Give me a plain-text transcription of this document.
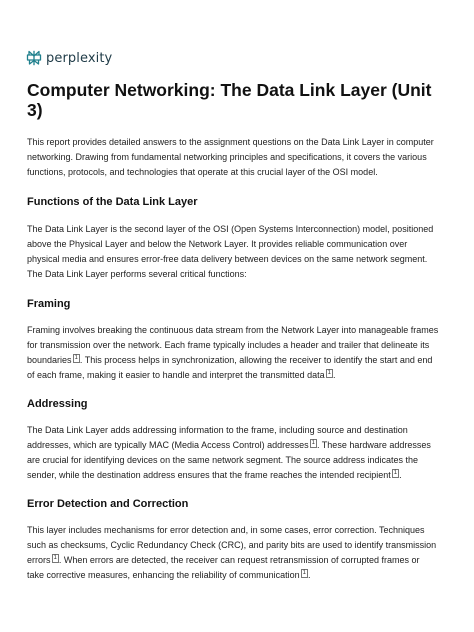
perplexity
Computer Networking: The Data Link Layer (Unit 3)

This report provides detailed answers to the assignment questions on the Data Link Layer in computer networking. Drawing from fundamental networking principles and specifications, it covers the various functions, protocols, and technologies that operate at this crucial layer of the OSI model.

Functions of the Data Link Layer

The Data Link Layer is the second layer of the OSI (Open Systems Interconnection) model, positioned above the Physical Layer and below the Network Layer. It provides reliable communication over physical media and ensures error-free data delivery between devices on the same network segment. The Data Link Layer performs several critical functions:

Framing

Framing involves breaking the continuous data stream from the Network Layer into manageable frames for transmission over the network. Each frame typically includes a header and trailer that delineate its boundaries 1 . This process helps in synchronization, allowing the receiver to identify the start and end of each frame, making it easier to handle and interpret the transmitted data 1 .

Addressing

The Data Link Layer adds addressing information to the frame, including source and destination addresses, which are typically MAC (Media Access Control) addresses 1 . These hardware addresses are crucial for identifying devices on the same network segment. The source address indicates the sender, while the destination address ensures that the frame reaches the intended recipient 1 .

Error Detection and Correction

This layer includes mechanisms for error detection and, in some cases, error correction. Techniques such as checksums, Cyclic Redundancy Check (CRC), and parity bits are used to identify transmission errors 1 . When errors are detected, the receiver can request retransmission of corrupted frames or take corrective measures, enhancing the reliability of communication 1 .
